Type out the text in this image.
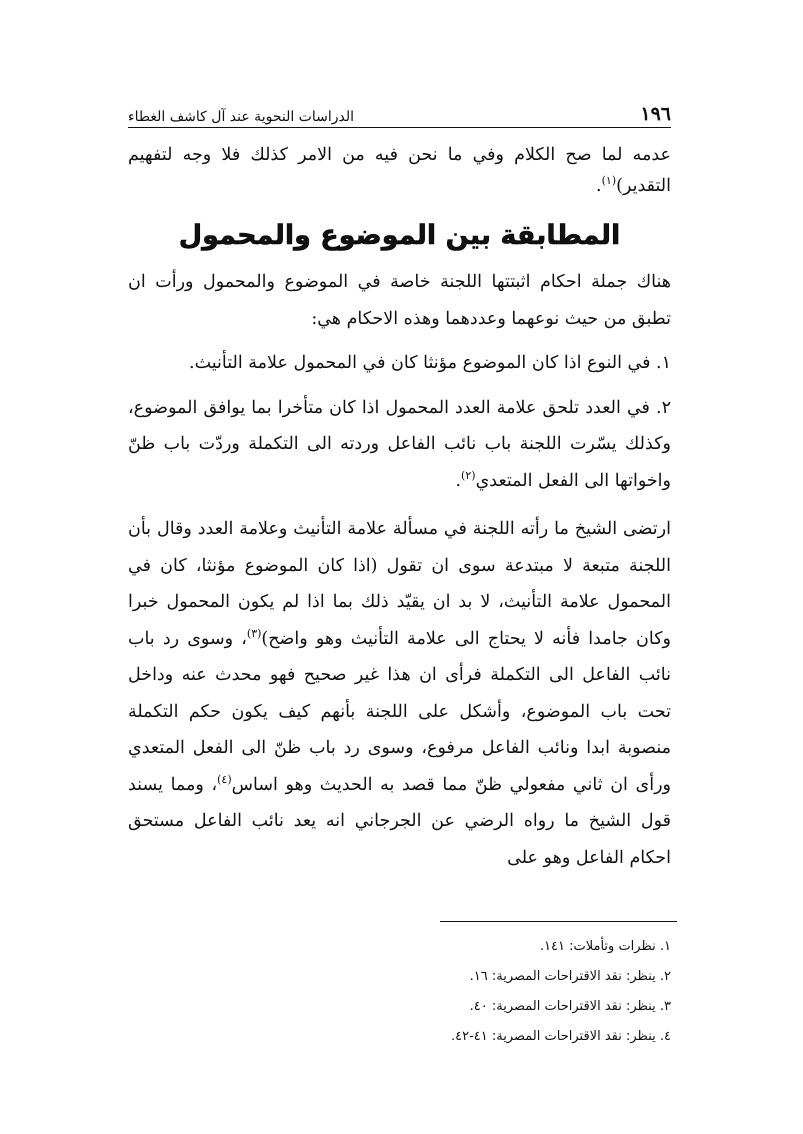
١٩٦
الدراسات النحوية عند آل كاشف الغطاء

عدمه لما صح الكلام وفي ما نحن فيه من الامر كذلك فلا وجه لتفهيم التقدير)$^{(١)}$.

المطابقة بين الموضوع والمحمول

هناك جملة احكام اثبتتها اللجنة خاصة في الموضوع والمحمول ورأت ان تطبق من حيث نوعهما وعددهما وهذه الاحكام هي:

١. في النوع اذا كان الموضوع مؤنثا كان في المحمول علامة التأنيث.

٢. في العدد تلحق علامة العدد المحمول اذا كان متأخرا بما يوافق الموضوع، وكذلك يسّرت اللجنة باب نائب الفاعل وردته الى التكملة وردّت باب ظنّ واخواتها الى الفعل المتعدي$^{(٢)}$.

ارتضى الشيخ ما رأته اللجنة في مسألة علامة التأنيث وعلامة العدد وقال بأن اللجنة متبعة لا مبتدعة سوى ان تقول (اذا كان الموضوع مؤنثا، كان في المحمول علامة التأنيث، لا بد ان يقيّد ذلك بما اذا لم يكون المحمول خبرا وكان جامدا فأنه لا يحتاج الى علامة التأنيث وهو واضح)$^{(٣)}$، وسوى رد باب نائب الفاعل الى التكملة فرأى ان هذا غير صحيح فهو محدث عنه وداخل تحت باب الموضوع، وأشكل على اللجنة بأنهم كيف يكون حكم التكملة منصوبة ابدا ونائب الفاعل مرفوع، وسوى رد باب ظنّ الى الفعل المتعدي ورأى ان ثاني مفعولي ظنّ مما قصد به الحديث وهو اساس$^{(٤)}$، ومما يسند قول الشيخ ما رواه الرضي عن الجرجاني انه يعد نائب الفاعل مستحق احكام الفاعل وهو على

١. نظرات وتأملات: ١٤١.

٢. ينظر: نقد الاقتراحات المصرية: ١٦.

٣. ينظر: نقد الاقتراحات المصرية: ٤٠.

٤. ينظر: نقد الاقتراحات المصرية: ٤١-٤٢.
